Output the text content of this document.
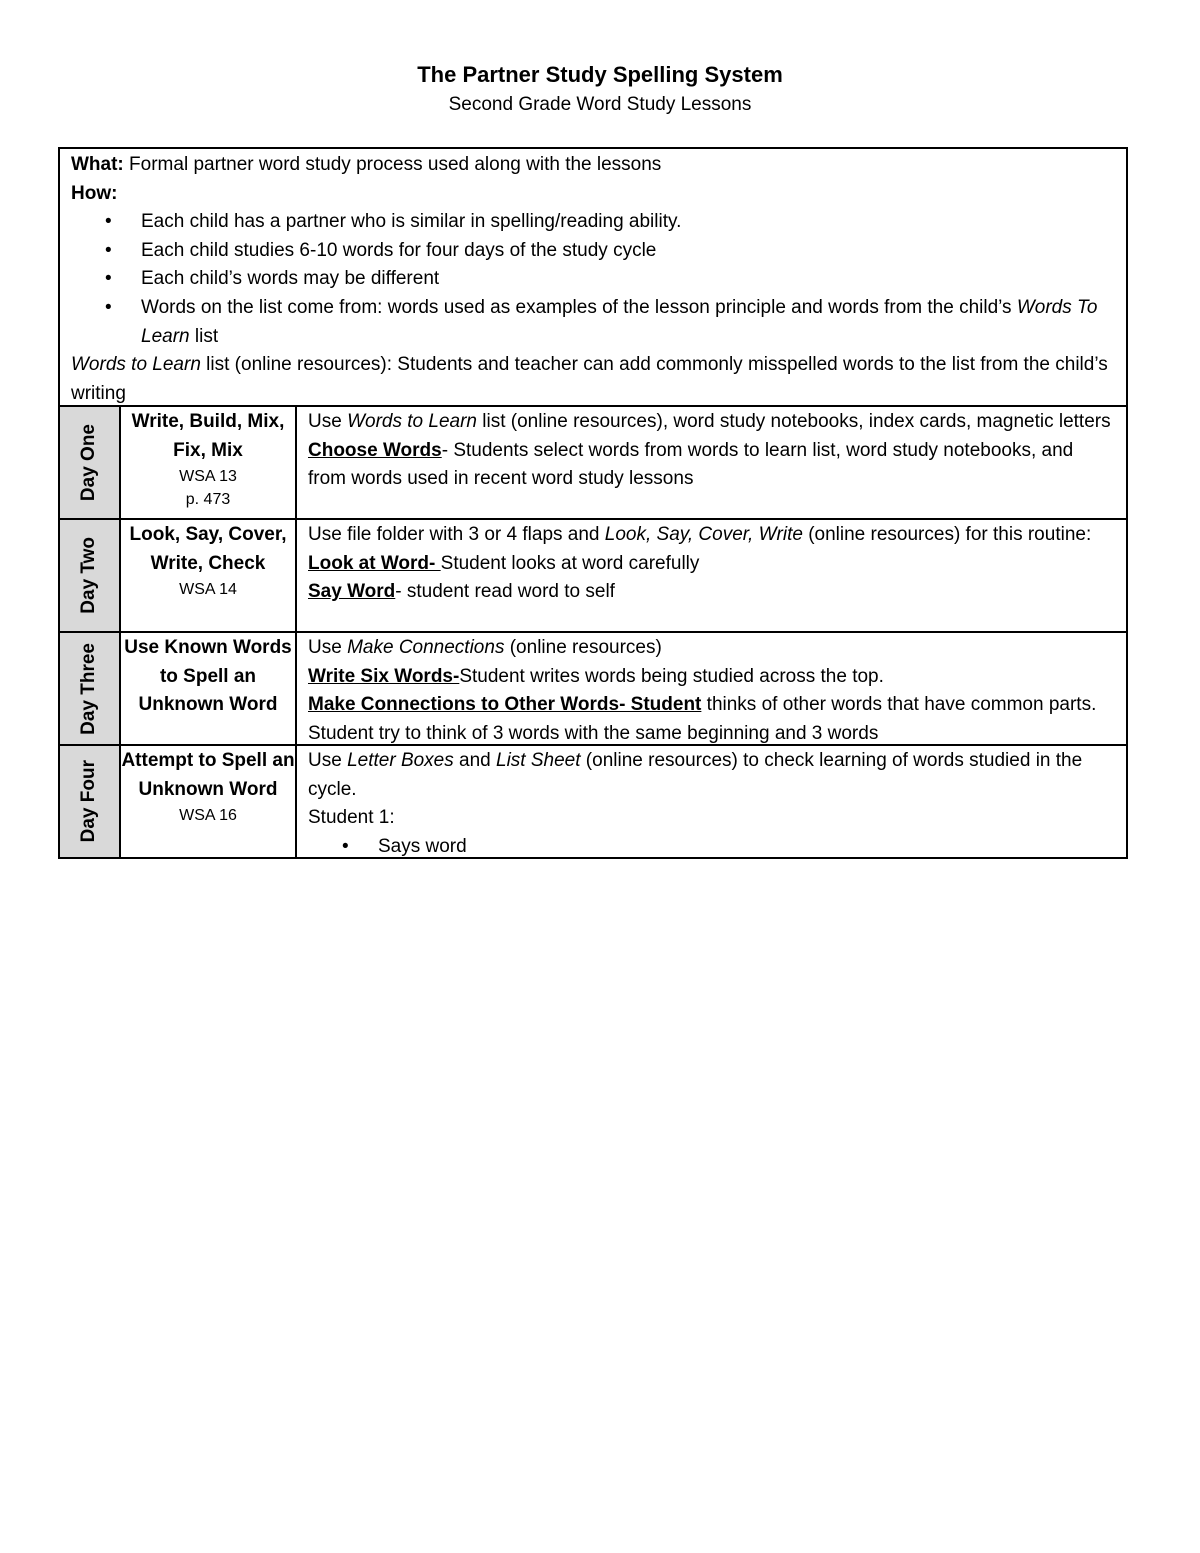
The Partner Study Spelling System
Second Grade Word Study Lessons
What: Formal partner word study process used along with the lessons
How:
• Each child has a partner who is similar in spelling/reading ability.
• Each child studies 6-10 words for four days of the study cycle
• Each child’s words may be different
• Words on the list come from: words used as examples of the lesson principle and words from the child’s Words To Learn list
Words to Learn list (online resources): Students and teacher can add commonly misspelled words to the list from the child’s writing
Day One
Write, Build, Mix, Fix, Mix
WSA 13
p. 473
Use Words to Learn list (online resources), word study notebooks, index cards, magnetic letters
Choose Words- Students select words from words to learn list, word study notebooks, and from words used in recent word study lessons
Day Two
Look, Say, Cover, Write, Check
WSA 14
Use file folder with 3 or 4 flaps and Look, Say, Cover, Write (online resources) for this routine:
Look at Word- Student looks at word carefully
Say Word- student read word to self
Day Three Use Known Words to Spell an Unknown Word
Use Make Connections (online resources)
Write Six Words-Student writes words being studied across the top.
Make Connections to Other Words- Student thinks of other words that have common parts. Student try to think of 3 words with the same beginning and 3 words
Day Four Attempt to Spell an Unknown Word
WSA 16
Use Letter Boxes and List Sheet (online resources) to check learning of words studied in the cycle.
Student 1:
• Says word
